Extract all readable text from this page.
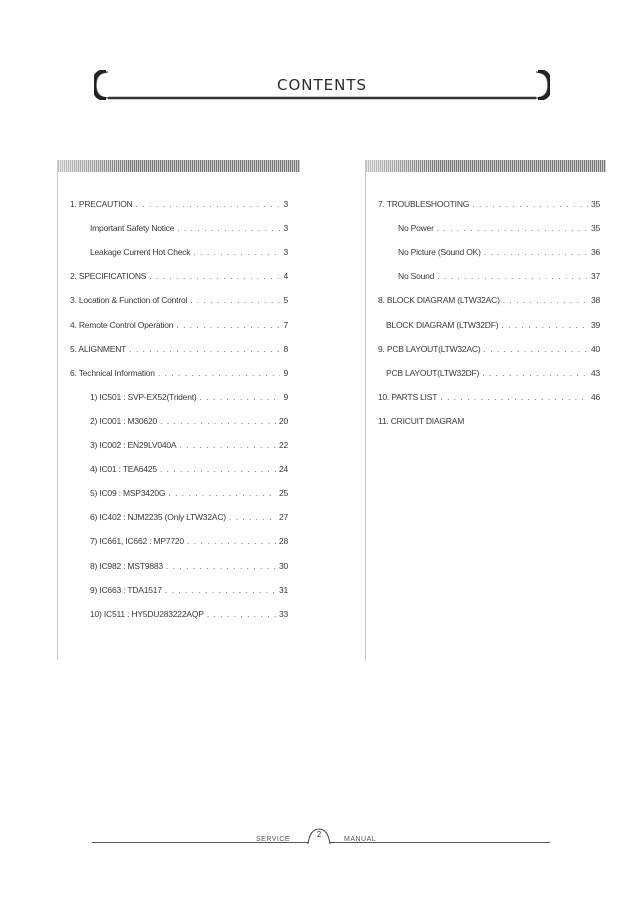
CONTENTS
1. PRECAUTION . . .	3
Important Safety Notice . . .	3
Leakage Current Hot Check . . .	3
2. SPECIFICATIONS . . .	4
3. Location & Function of Control . . .	5
4. Remote Control Operation . . .	7
5. ALIGNMENT . . .	8
6. Technical Information . . .	9
1) IC501 : SVP-EX52(Trident) . . .	9
2) IC001 : M30620 . . .	20
3) IC002 : EN29LV040A . . .	22
4) IC01 : TEA6425 . . .	24
5) IC09 : MSP3420G . . .	25
6) IC402 : NJM2235 (Only LTW32AC) . . .	27
7) IC661, IC662 : MP7720 . . .	28
8) IC982 : MST9883 . . .	30
9) IC663 : TDA1517 . . .	31
10) IC511 : HY5DU283222AQP . . .	33
7. TROUBLESHOOTING . . .	35
No Power . . .	35
No Picture (Sound OK) . . .	36
No Sound . . .	37
8. BLOCK DIAGRAM (LTW32AC) . . .	38
BLOCK DIAGRAM (LTW32DF) . . .	39
9. PCB LAYOUT(LTW32AC) . . .	40
PCB LAYOUT(LTW32DF) . . .	43
10. PARTS LIST . . .	46
11. CRICUIT DIAGRAM
SERVICE
2
MANUAL
